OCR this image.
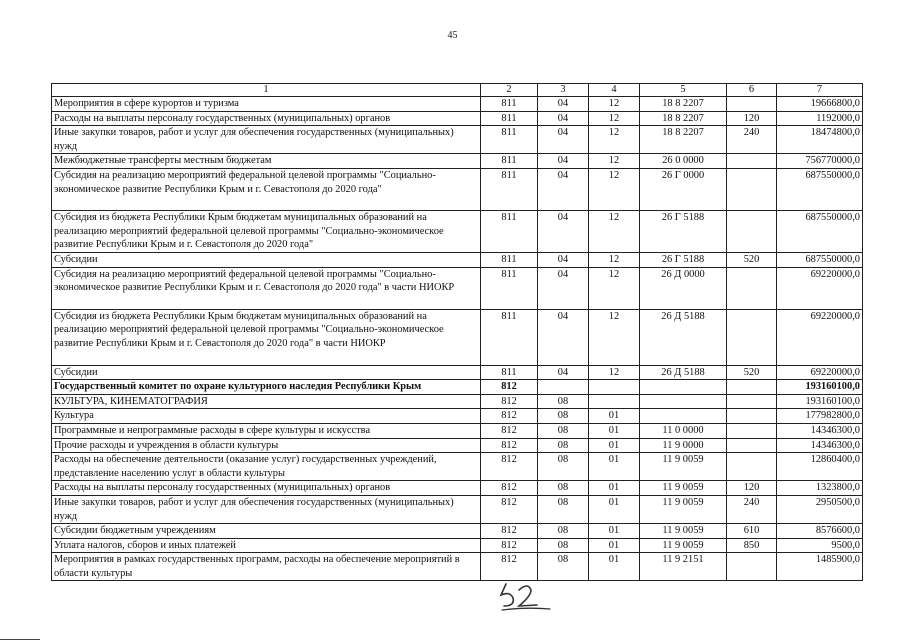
45
1	2	3	4	5	6	7
Мероприятия в сфере курортов и туризма	811	04	12	18 8 2207		19666800,0
Расходы на выплаты персоналу государственных (муниципальных) органов	811	04	12	18 8 2207	120	1192000,0
Иные закупки товаров, работ и услуг для обеспечения государственных (муниципальных) нужд	811	04	12	18 8 2207	240	18474800,0
Межбюджетные трансферты местным бюджетам	811	04	12	26 0 0000		756770000,0
Субсидия на реализацию мероприятий федеральной целевой программы "Социально-экономическое развитие Республики Крым и г. Севастополя до 2020 года"	811	04	12	26 Г 0000		687550000,0
Субсидия из бюджета Республики Крым бюджетам муниципальных образований на реализацию мероприятий федеральной целевой программы "Социально-экономическое развитие Республики Крым и г. Севастополя до 2020 года"	811	04	12	26 Г 5188		687550000,0
Субсидии	811	04	12	26 Г 5188	520	687550000,0
Субсидия на реализацию мероприятий федеральной целевой программы "Социально-экономическое развитие Республики Крым и г. Севастополя до 2020 года" в части НИОКР	811	04	12	26 Д 0000		69220000,0
Субсидия из бюджета Республики Крым бюджетам муниципальных образований на реализацию мероприятий федеральной целевой программы "Социально-экономическое развитие Республики Крым и г. Севастополя до 2020 года" в части НИОКР	811	04	12	26 Д 5188		69220000,0
Субсидии	811	04	12	26 Д 5188	520	69220000,0
Государственный комитет по охране культурного наследия Республики Крым	812					193160100,0
КУЛЬТУРА, КИНЕМАТОГРАФИЯ	812	08				193160100,0
Культура	812	08	01			177982800,0
Программные и непрограммные расходы в сфере культуры и искусства	812	08	01	11 0 0000		14346300,0
Прочие расходы и учреждения в области культуры	812	08	01	11 9 0000		14346300,0
Расходы на обеспечение деятельности (оказание услуг) государственных учреждений, представление населению услуг в области культуры	812	08	01	11 9 0059		12860400,0
Расходы на выплаты персоналу государственных (муниципальных) органов	812	08	01	11 9 0059	120	1323800,0
Иные закупки товаров, работ и услуг для обеспечения государственных (муниципальных) нужд	812	08	01	11 9 0059	240	2950500,0
Субсидии бюджетным учреждениям	812	08	01	11 9 0059	610	8576600,0
Уплата налогов, сборов и иных платежей	812	08	01	11 9 0059	850	9500,0
Мероприятия в рамках государственных программ, расходы на обеспечение мероприятий в области культуры	812	08	01	11 9 2151		1485900,0
